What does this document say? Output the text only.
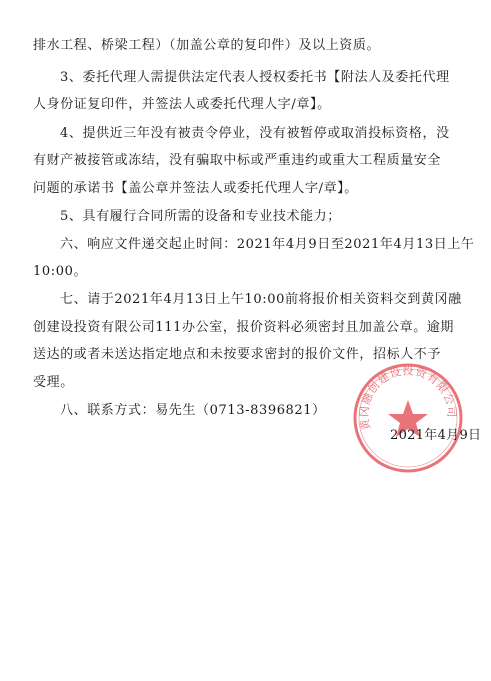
排水工程、桥梁工程）（加盖公章的复印件）及以上资质。
3、委托代理人需提供法定代表人授权委托书【附法人及委托代理
人身份证复印件，并签法人或委托代理人字/章】。
4、提供近三年没有被责令停业，没有被暂停或取消投标资格，没
有财产被接管或冻结，没有骗取中标或严重违约或重大工程质量安全
问题的承诺书【盖公章并签法人或委托代理人字/章】。
5、具有履行合同所需的设备和专业技术能力；
六、响应文件递交起止时间：2021年4月9日至2021年4月13日上午
10:00。
七、请于2021年4月13日上午10:00前将报价相关资料交到黄冈融
创建设投资有限公司111办公室，报价资料必须密封且加盖公章。逾期
送达的或者未送达指定地点和未按要求密封的报价文件，招标人不予
受理。
八、联系方式：易先生（0713-8396821）
黄冈融创建设投资有限公司
2021年4月9日
